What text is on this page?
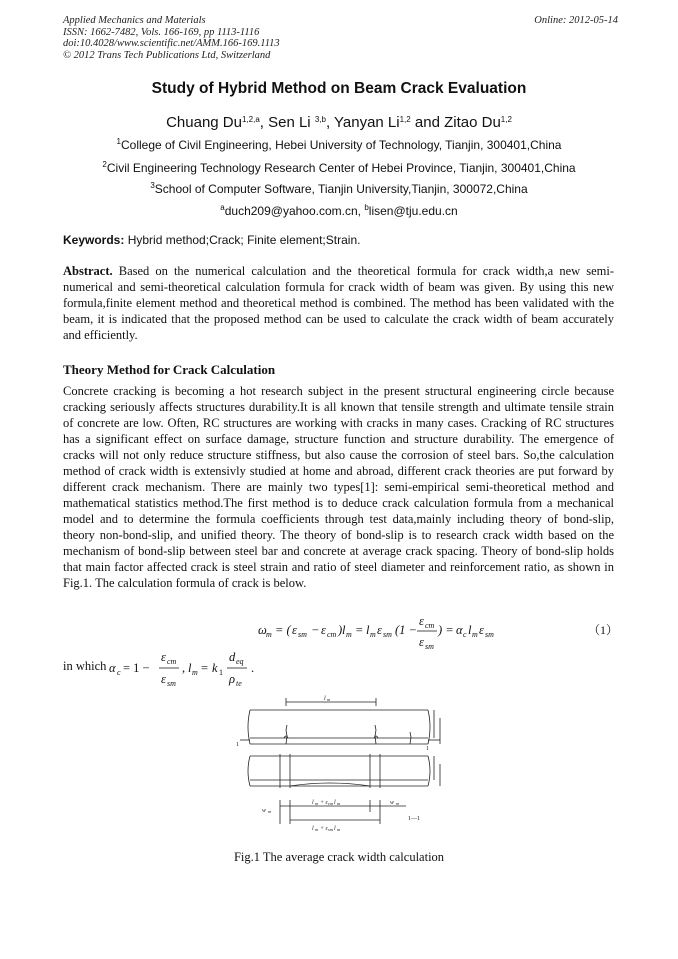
Applied Mechanics and Materials
ISSN: 1662-7482, Vols. 166-169, pp 1113-1116
doi:10.4028/www.scientific.net/AMM.166-169.1113
© 2012 Trans Tech Publications Ltd, Switzerland
Online: 2012-05-14
Study of Hybrid Method on Beam Crack Evaluation
Chuang Du$^{1,2,a}$, Sen Li $^{3,b}$, Yanyan Li$^{1,2}$ and Zitao Du$^{1,2}$
$^1$College of Civil Engineering, Hebei University of Technology, Tianjin, 300401,China
$^2$Civil Engineering Technology Research Center of Hebei Province, Tianjin, 300401,China
$^3$School of Computer Software, Tianjin University,Tianjin, 300072,China
$^a$duch209@yahoo.com.cn, $^b$lisen@tju.edu.cn
Keywords: Hybrid method;Crack; Finite element;Strain.
Abstract. Based on the numerical calculation and the theoretical formula for crack width,a new semi-numerical and semi-theoretical calculation formula for crack width of beam was given. By using this new formula,finite element method and theoretical method is combined. The method has been validated with the beam, it is indicated that the proposed method can be used to calculate the crack width of beam accurately and efficiently.
Theory Method for Crack Calculation
Concrete cracking is becoming a hot research subject in the present structural engineering circle because cracking seriously affects structures durability.It is all known that tensile strength and ultimate tensile strain of concrete are low. Often, RC structures are working with cracks in many cases. Cracking of RC structures has a significant effect on surface damage, structure function and structure durability. The emergence of cracks will not only reduce structure stiffness, but also cause the corrosion of steel bars. So,the calculation method of crack width is extensivly studied at home and abroad, different crack theories are put forward by different crack mechanism. There are mainly two types[1]: semi-empirical semi-theoretical method and mathematical statistics method.The first method is to deduce crack calculation formula from a mechanical model and to determine the formula coefficients through test data,mainly including theory of bond-slip, theory non-bond-slip, and unified theory. The theory of bond-slip is to research crack width based on the mechanism of bond-slip between steel bar and concrete at average crack spacing. Theory of bond-slip holds that main factor affected crack is steel strain and ratio of steel diameter and reinforcement ratio, as shown in Fig.1. The calculation formula of crack is below.
ω m = ( ε sm − ε cm ) l m = l m ε sm (1 −
ε cm
ε sm
) = α c l m ε sm	（1）
in which α c = 1 −
ε cm
ε sm
, l m = k 1
d eq
ρ te
.
l m
1
1
w m
l m + ε cm l m	w m
l m + ε sm l m
1—1
Fig.1 The average crack width calculation
